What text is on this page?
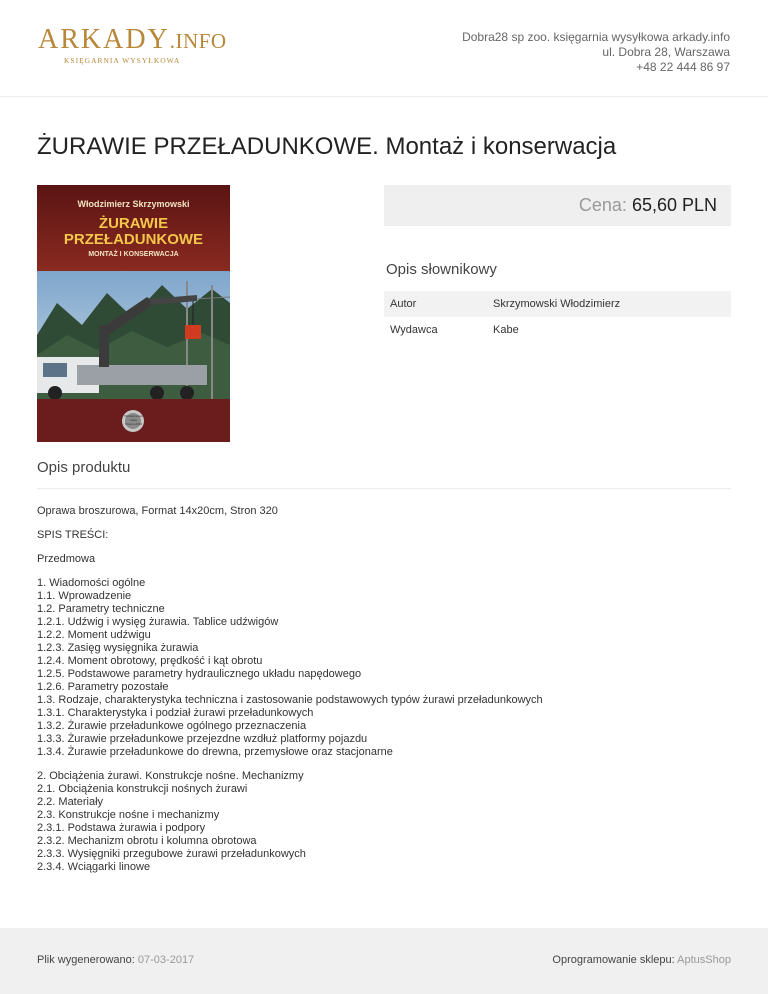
ARKADY.INFO
KSIĘGARNIA WYSYŁKOWA
Dobra28 sp zoo. księgarnia wysyłkowa arkady.info
ul. Dobra 28, Warszawa
+48 22 444 86 97
ŻURAWIE PRZEŁADUNKOWE. Montaż i konserwacja
Włodzimierz Skrzymowski
ŻURAWIE
PRZEŁADUNKOWE
MONTAŻ I KONSERWACJA
Wydawnictwo
Kabe
Krosno 2010
Cena: 65,60 PLN
Opis słownikowy
Autor	Skrzymowski Włodzimierz
Wydawca	Kabe
Opis produktu
Oprawa broszurowa, Format 14x20cm, Stron 320
SPIS TREŚCI:
Przedmowa
1. Wiadomości ogólne
1.1. Wprowadzenie
1.2. Parametry techniczne
1.2.1. Udźwig i wysięg żurawia. Tablice udźwigów
1.2.2. Moment udźwigu
1.2.3. Zasięg wysięgnika żurawia
1.2.4. Moment obrotowy, prędkość i kąt obrotu
1.2.5. Podstawowe parametry hydraulicznego układu napędowego
1.2.6. Parametry pozostałe
1.3. Rodzaje, charakterystyka techniczna i zastosowanie podstawowych typów żurawi przeładunkowych
1.3.1. Charakterystyka i podział żurawi przeładunkowych
1.3.2. Żurawie przeładunkowe ogólnego przeznaczenia
1.3.3. Żurawie przeładunkowe przejezdne wzdłuż platformy pojazdu
1.3.4. Żurawie przeładunkowe do drewna, przemysłowe oraz stacjonarne
2. Obciążenia żurawi. Konstrukcje nośne. Mechanizmy
2.1. Obciążenia konstrukcji nośnych żurawi
2.2. Materiały
2.3. Konstrukcje nośne i mechanizmy
2.3.1. Podstawa żurawia i podpory
2.3.2. Mechanizm obrotu i kolumna obrotowa
2.3.3. Wysięgniki przegubowe żurawi przeładunkowych
2.3.4. Wciągarki linowe
Plik wygenerowano: 07-03-2017	Oprogramowanie sklepu: AptusShop
